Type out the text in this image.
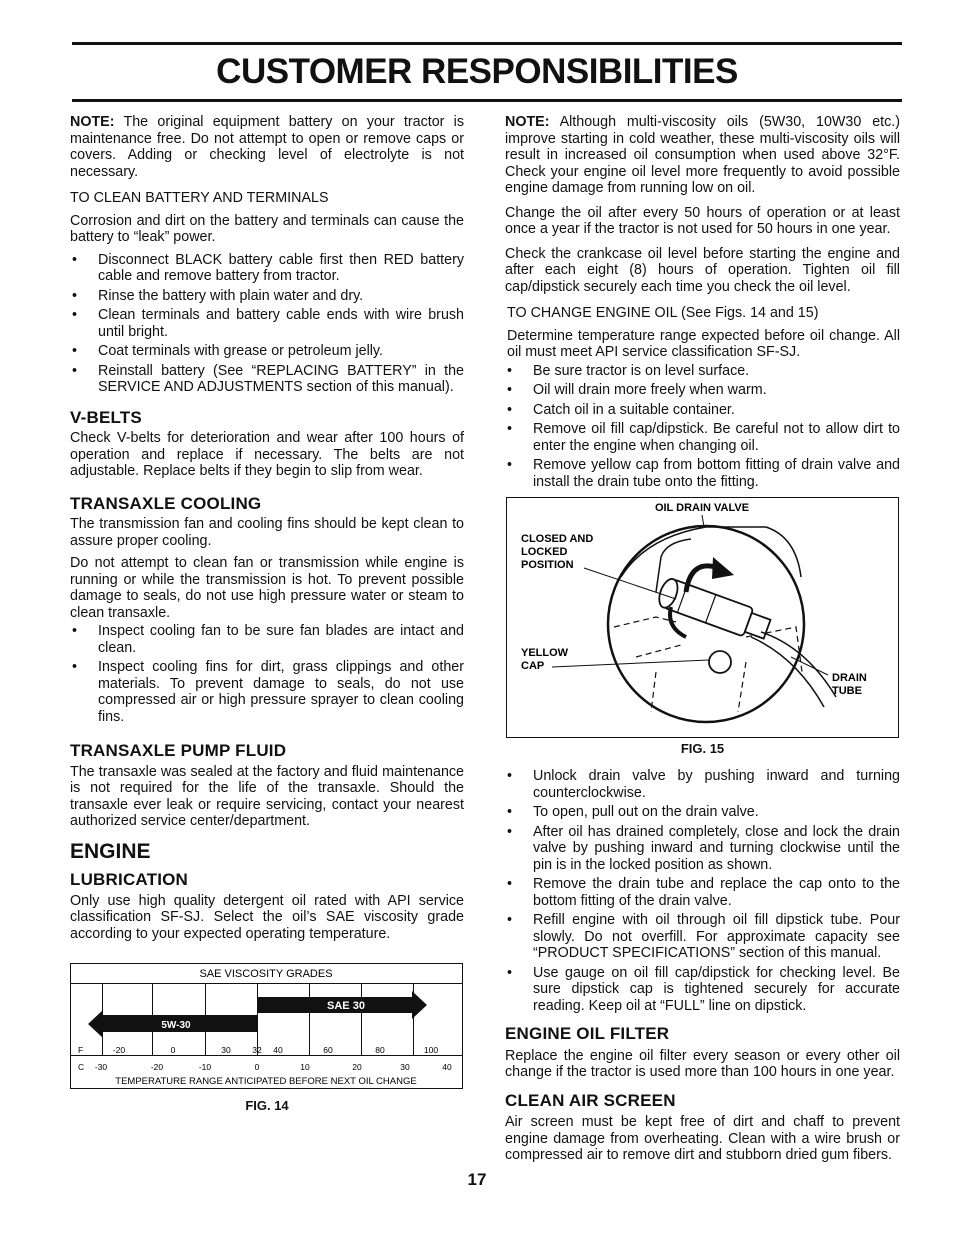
CUSTOMER RESPONSIBILITIES

NOTE: The original equipment battery on your tractor is maintenance free. Do not attempt to open or remove caps or covers. Adding or checking level of electrolyte is not necessary.

TO CLEAN BATTERY AND TERMINALS

Corrosion and dirt on the battery and terminals can cause the battery to “leak” power.

• Disconnect BLACK battery cable first then RED battery cable and remove battery from tractor.
• Rinse the battery with plain water and dry.
• Clean terminals and battery cable ends with wire brush until bright.
• Coat terminals with grease or petroleum jelly.
• Reinstall battery (See “REPLACING BATTERY” in the SERVICE AND ADJUSTMENTS section of this manual).
V-BELTS

Check V-belts for deterioration and wear after 100 hours of operation and replace if necessary. The belts are not adjustable. Replace belts if they begin to slip from wear.

TRANSAXLE COOLING

The transmission fan and cooling fins should be kept clean to assure proper cooling.

Do not attempt to clean fan or transmission while engine is running or while the transmission is hot. To prevent possible damage to seals, do not use high pressure water or steam to clean transaxle.

• Inspect cooling fan to be sure fan blades are intact and clean.
• Inspect cooling fins for dirt, grass clippings and other materials. To prevent damage to seals, do not use compressed air or high pressure sprayer to clean cooling fins.
TRANSAXLE PUMP FLUID

The transaxle was sealed at the factory and fluid maintenance is not required for the life of the transaxle. Should the transaxle ever leak or require servicing, contact your nearest authorized service center/department.

ENGINE
LUBRICATION

Only use high quality detergent oil rated with API service classification SF-SJ. Select the oil’s SAE viscosity grade according to your expected operating temperature.

SAE VISCOSITY GRADES
SAE 30
5W-30
F	-20	0	30	32 40	60	80	100
C -30	-20	-10	0	10	20	30	40
TEMPERATURE RANGE ANTICIPATED BEFORE NEXT OIL CHANGE
FIG. 14

NOTE: Although multi-viscosity oils (5W30, 10W30 etc.) improve starting in cold weather, these multi-viscosity oils will result in increased oil consumption when used above 32°F. Check your engine oil level more frequently to avoid possible engine damage from running low on oil.

Change the oil after every 50 hours of operation or at least once a year if the tractor is not used for 50 hours in one year.

Check the crankcase oil level before starting the engine and after each eight (8) hours of operation. Tighten oil fill cap/dipstick securely each time you check the oil level.

TO CHANGE ENGINE OIL (See Figs. 14 and 15)

Determine temperature range expected before oil change. All oil must meet API service classification SF-SJ.

• Be sure tractor is on level surface.
• Oil will drain more freely when warm.
• Catch oil in a suitable container.
• Remove oil fill cap/dipstick. Be careful not to allow dirt to enter the engine when changing oil.
• Remove yellow cap from bottom fitting of drain valve and install the drain tube onto the fitting.
OIL DRAIN VALVE
CLOSED AND
LOCKED
POSITION
YELLOW
CAP
DRAIN
TUBE
FIG. 15
• Unlock drain valve by pushing inward and turning counterclockwise.
• To open, pull out on the drain valve.
• After oil has drained completely, close and lock the drain valve by pushing inward and turning clockwise until the pin is in the locked position as shown.
• Remove the drain tube and replace the cap onto to the bottom fitting of the drain valve.
• Refill engine with oil through oil fill dipstick tube. Pour slowly. Do not overfill. For approximate capacity see “PRODUCT SPECIFICATIONS” section of this manual.
• Use gauge on oil fill cap/dipstick for checking level. Be sure dipstick cap is tightened securely for accurate reading. Keep oil at “FULL” line on dipstick.
ENGINE OIL FILTER

Replace the engine oil filter every season or every other oil change if the tractor is used more than 100 hours in one year.

CLEAN AIR SCREEN

Air screen must be kept free of dirt and chaff to prevent engine damage from overheating. Clean with a wire brush or compressed air to remove dirt and stubborn dried gum fibers.

17
